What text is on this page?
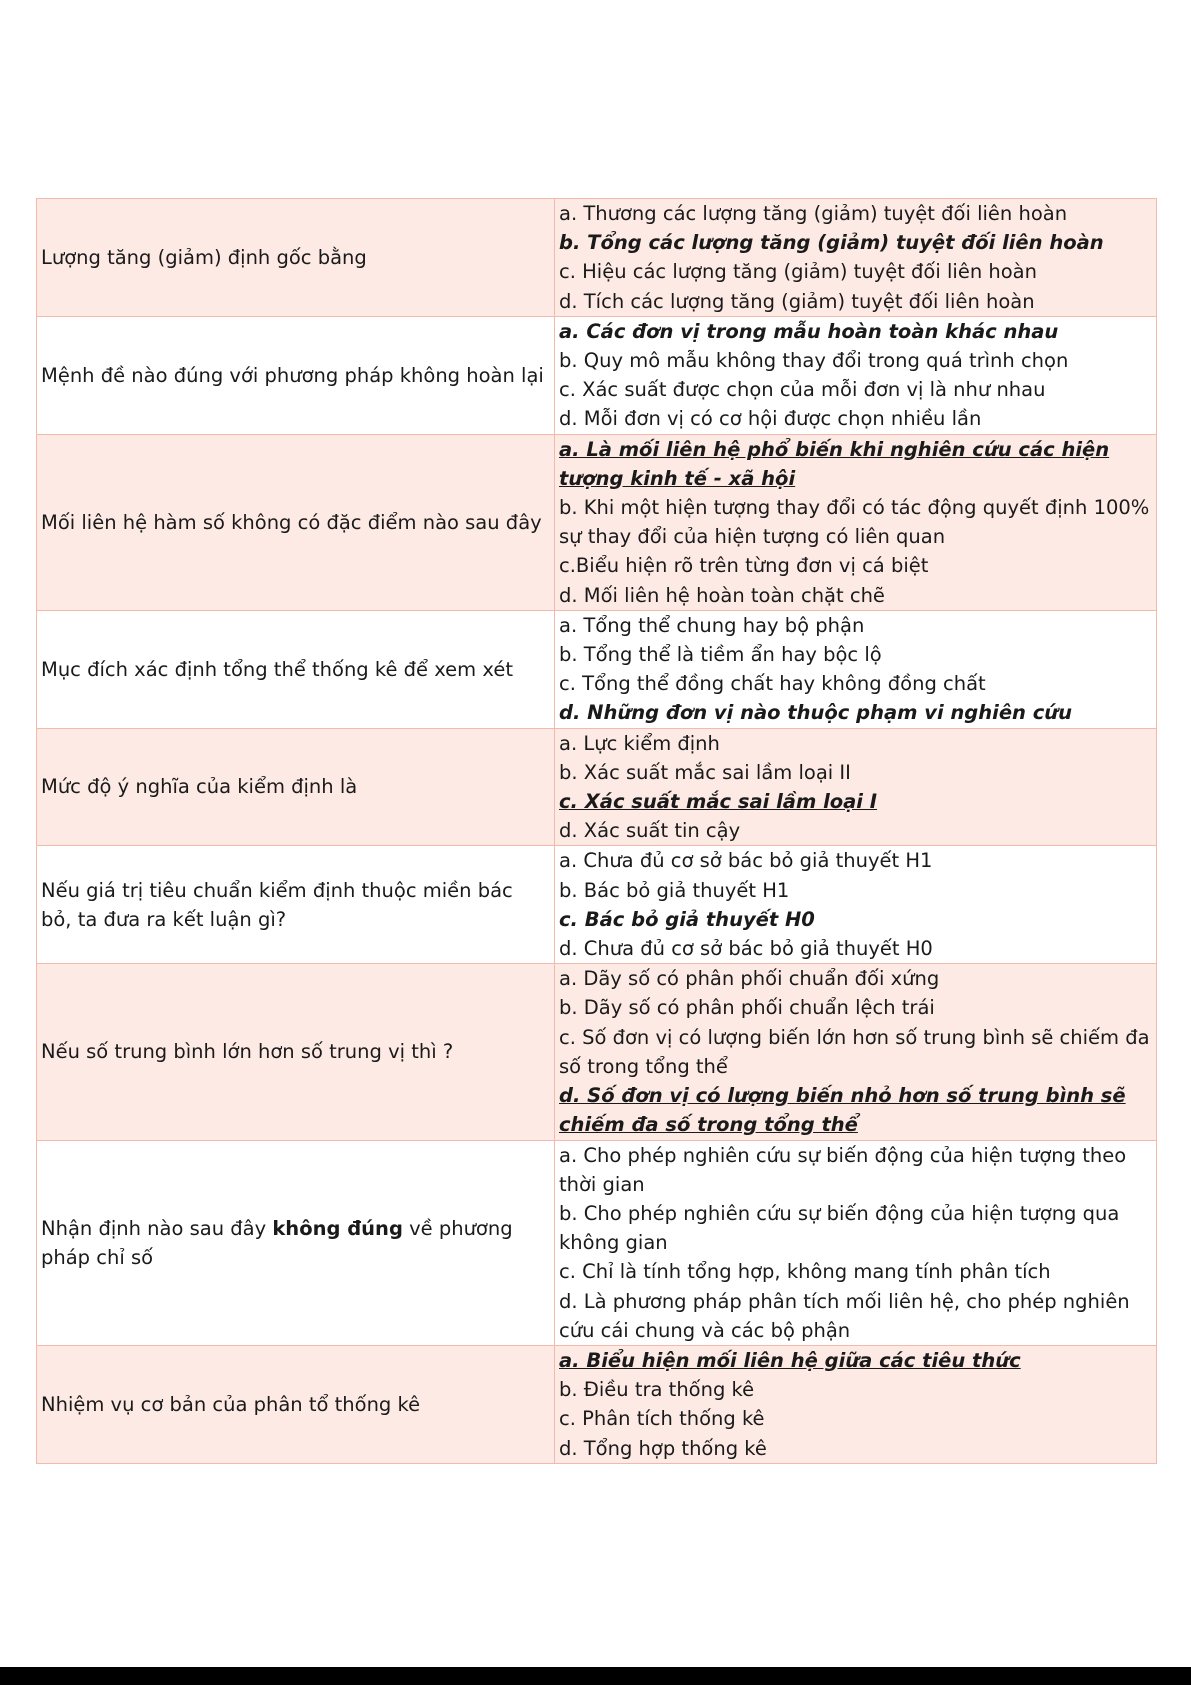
Lượng tăng (giảm) định gốc bằng	a. Thương các lượng tăng (giảm) tuyệt đối liên hoàn
b. Tổng các lượng tăng (giảm) tuyệt đối liên hoàn
c. Hiệu các lượng tăng (giảm) tuyệt đối liên hoàn
d. Tích các lượng tăng (giảm) tuyệt đối liên hoàn

Mệnh đề nào đúng với phương pháp không hoàn lại	a. Các đơn vị trong mẫu hoàn toàn khác nhau
b. Quy mô mẫu không thay đổi trong quá trình chọn
c. Xác suất được chọn của mỗi đơn vị là như nhau
d. Mỗi đơn vị có cơ hội được chọn nhiều lần

Mối liên hệ hàm số không có đặc điểm nào sau đây	a. Là mối liên hệ phổ biến khi nghiên cứu các hiện tượng kinh tế - xã hội
b. Khi một hiện tượng thay đổi có tác động quyết định 100% sự thay đổi của hiện tượng có liên quan
c.Biểu hiện rõ trên từng đơn vị cá biệt
d. Mối liên hệ hoàn toàn chặt chẽ

Mục đích xác định tổng thể thống kê để xem xét	a. Tổng thể chung hay bộ phận
b. Tổng thể là tiềm ẩn hay bộc lộ
c. Tổng thể đồng chất hay không đồng chất
d. Những đơn vị nào thuộc phạm vi nghiên cứu

Mức độ ý nghĩa của kiểm định là	a. Lực kiểm định
b. Xác suất mắc sai lầm loại II
c. Xác suất mắc sai lầm loại I
d. Xác suất tin cậy

Nếu giá trị tiêu chuẩn kiểm định thuộc miền bác bỏ, ta đưa ra kết luận gì?	a. Chưa đủ cơ sở bác bỏ giả thuyết H1
b. Bác bỏ giả thuyết H1
c. Bác bỏ giả thuyết H0
d. Chưa đủ cơ sở bác bỏ giả thuyết H0

Nếu số trung bình lớn hơn số trung vị thì ?	a. Dãy số có phân phối chuẩn đối xứng
b. Dãy số có phân phối chuẩn lệch trái
c. Số đơn vị có lượng biến lớn hơn số trung bình sẽ chiếm đa số trong tổng thể
d. Số đơn vị có lượng biến nhỏ hơn số trung bình sẽ chiếm đa số trong tổng thể

Nhận định nào sau đây không đúng về phương pháp chỉ số	a. Cho phép nghiên cứu sự biến động của hiện tượng theo thời gian
b. Cho phép nghiên cứu sự biến động của hiện tượng qua không gian
c. Chỉ là tính tổng hợp, không mang tính phân tích
d. Là phương pháp phân tích mối liên hệ, cho phép nghiên cứu cái chung và các bộ phận

Nhiệm vụ cơ bản của phân tổ thống kê	a. Biểu hiện mối liên hệ giữa các tiêu thức
b. Điều tra thống kê
c. Phân tích thống kê
d. Tổng hợp thống kê
